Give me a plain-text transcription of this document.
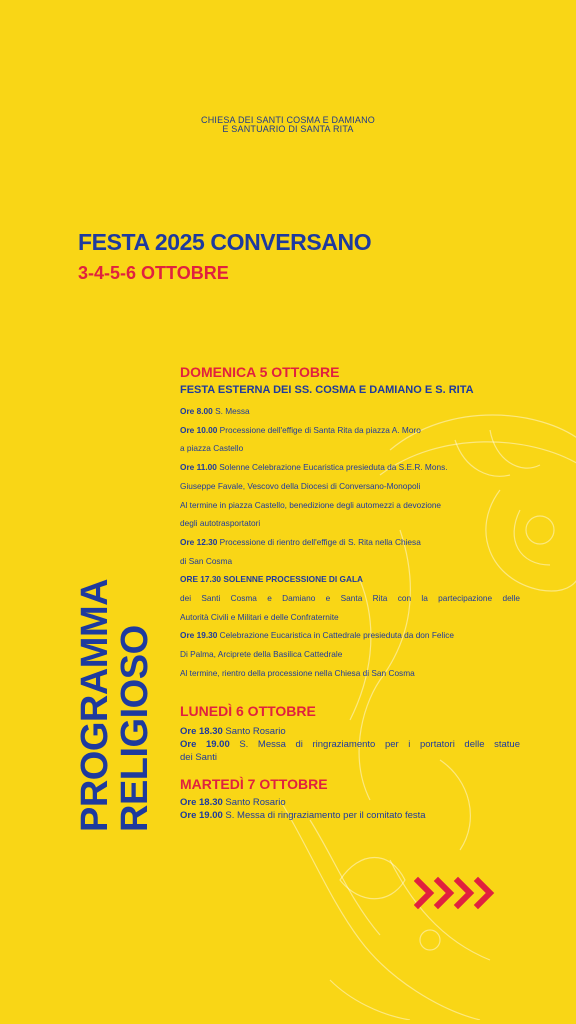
CHIESA DEI SANTI COSMA E DAMIANO
E SANTUARIO DI SANTA RITA
FESTA 2025 CONVERSANO
3-4-5-6 OTTOBRE
PROGRAMMA
RELIGIOSO
DOMENICA 5 OTTOBRE
FESTA ESTERNA DEI SS. COSMA E DAMIANO E S. RITA
Ore 8.00 S. Messa
Ore 10.00 Processione dell'effige di Santa Rita da piazza A. Moro
a piazza Castello
Ore 11.00 Solenne Celebrazione Eucaristica presieduta da S.E.R. Mons.
Giuseppe Favale, Vescovo della Diocesi di Conversano-Monopoli
Al termine in piazza Castello, benedizione degli automezzi a devozione
degli autotrasportatori
Ore 12.30 Processione di rientro dell'effige di S. Rita nella Chiesa
di San Cosma
ORE 17.30 SOLENNE PROCESSIONE DI GALA
dei Santi Cosma e Damiano e Santa Rita con la partecipazione delle
Autorità Civili e Militari e delle Confraternite
Ore 19.30 Celebrazione Eucaristica in Cattedrale presieduta da don Felice
Di Palma, Arciprete della Basilica Cattedrale
Al termine, rientro della processione nella Chiesa di San Cosma
LUNEDÌ 6 OTTOBRE
Ore 18.30 Santo Rosario
Ore 19.00 S. Messa di ringraziamento per i portatori delle statue
dei Santi
MARTEDÌ 7 OTTOBRE
Ore 18.30 Santo Rosario
Ore 19.00 S. Messa di ringraziamento per il comitato festa
